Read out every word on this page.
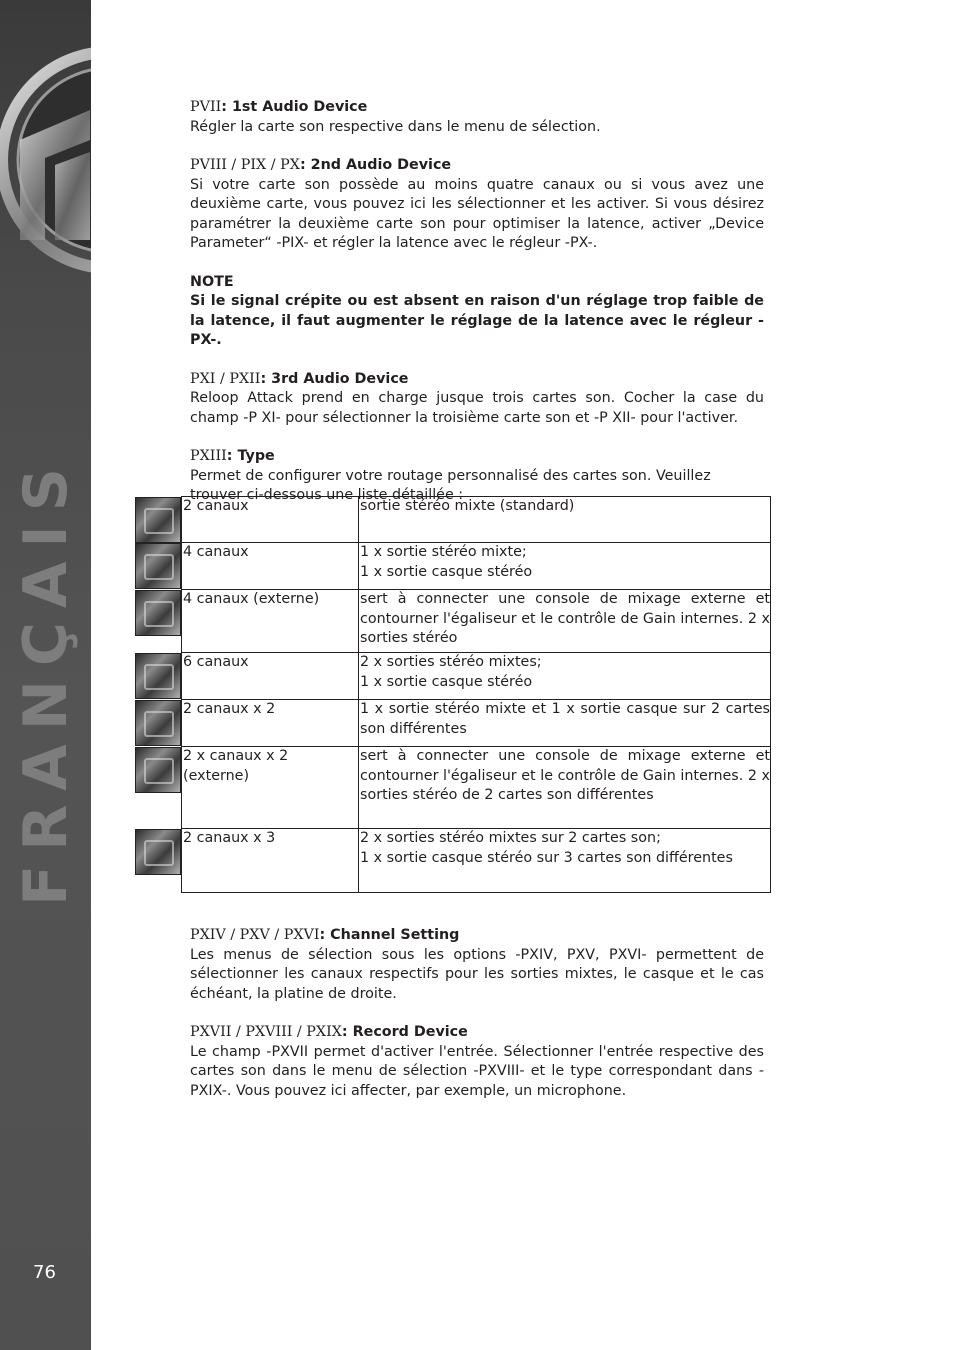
FRANÇAIS
76
PVII: 1st Audio Device
Régler la carte son respective dans le menu de sélection.
PVIII / PIX / PX: 2nd Audio Device
Si votre carte son possède au moins quatre canaux ou si vous avez une deuxième carte, vous pouvez ici les sélectionner et les activer. Si vous désirez paramétrer la deuxième carte son pour optimiser la latence, activer „Device Parameter“ -PIX- et régler la latence avec le régleur -PX-.
NOTE
Si le signal crépite ou est absent en raison d'un réglage trop faible de la latence, il faut augmenter le réglage de la latence avec le régleur -PX-.
PXI / PXII: 3rd Audio Device
Reloop Attack prend en charge jusque trois cartes son. Cocher la case du champ -P XI- pour sélectionner la troisième carte son et -P XII- pour l'activer.
PXIII: Type
Permet de configurer votre routage personnalisé des cartes son. Veuillez trouver ci-dessous une liste détaillée :
	2 canaux	sortie stéréo mixte (standard)

	4 canaux	1 x sortie stéréo mixte;
1 x sortie casque stéréo

	4 canaux (externe)	sert à connecter une console de mixage externe et contourner l'égaliseur et le contrôle de Gain internes. 2 x sorties stéréo

	6 canaux	2 x sorties stéréo mixtes;
1 x sortie casque stéréo

	2 canaux x 2	1 x sortie stéréo mixte et 1 x sortie casque sur 2 cartes son différentes

	2 x canaux x 2 (externe)	sert à connecter une console de mixage externe et contourner l'égaliseur et le contrôle de Gain internes. 2 x sorties stéréo de 2 cartes son différentes

	2 canaux x 3	2 x sorties stéréo mixtes sur 2 cartes son;
1 x sortie casque stéréo sur 3 cartes son différentes
PXIV / PXV / PXVI: Channel Setting
Les menus de sélection sous les options -PXIV, PXV, PXVI- permettent de sélectionner les canaux respectifs pour les sorties mixtes, le casque et le cas échéant, la platine de droite.
PXVII / PXVIII / PXIX: Record Device
Le champ -PXVII permet d'activer l'entrée. Sélectionner l'entrée respective des cartes son dans le menu de sélection -PXVIII- et le type correspondant dans -PXIX-. Vous pouvez ici affecter, par exemple, un microphone.
